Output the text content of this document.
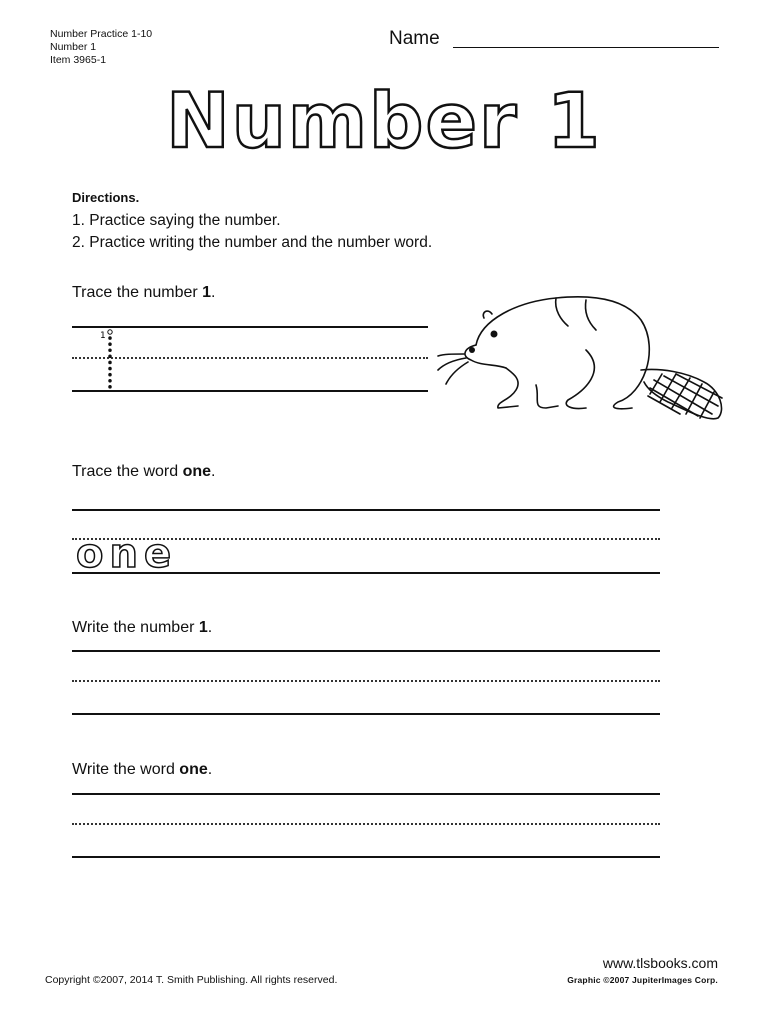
Number Practice 1-10
Number 1
Item 3965-1
Name
Number 1
Directions.
1. Practice saying the number.
2. Practice writing the number and the number word.
Trace the number 1.
1
Trace the word one.
one
Write the number 1.
Write the word one.
Copyright ©2007, 2014 T. Smith Publishing. All rights reserved.
www.tlsbooks.com
Graphic ©2007 JupiterImages Corp.
